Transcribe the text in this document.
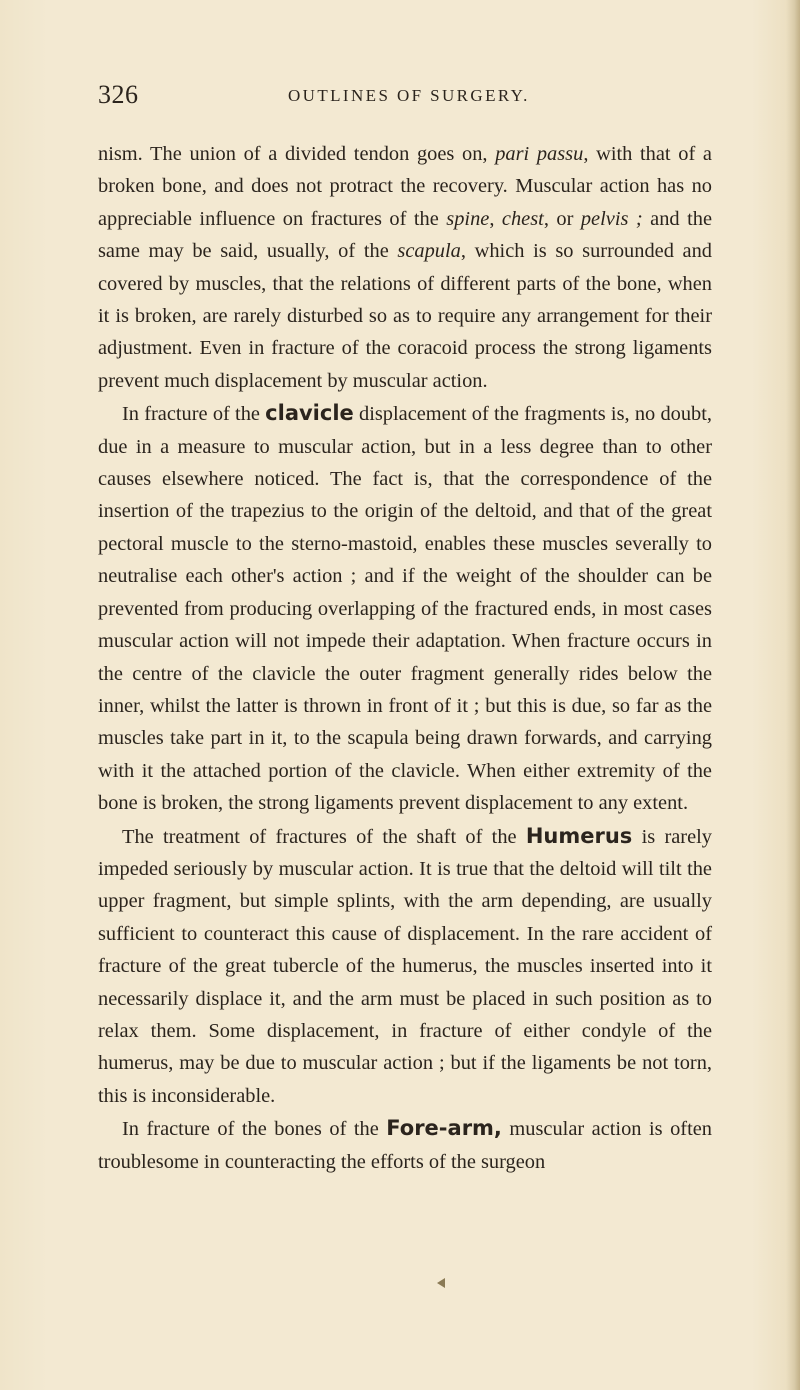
326	OUTLINES OF SURGERY.

nism. The union of a divided tendon goes on, pari passu, with that of a broken bone, and does not protract the recovery. Muscular action has no appreciable influence on fractures of the spine, chest, or pelvis ; and the same may be said, usually, of the scapula, which is so surrounded and covered by muscles, that the relations of different parts of the bone, when it is broken, are rarely disturbed so as to require any arrangement for their adjustment. Even in fracture of the coracoid process the strong ligaments prevent much displacement by muscular action.

In fracture of the clavicle displacement of the fragments is, no doubt, due in a measure to muscular action, but in a less degree than to other causes elsewhere noticed. The fact is, that the correspondence of the insertion of the trapezius to the origin of the deltoid, and that of the great pectoral muscle to the sterno-mastoid, enables these muscles severally to neutralise each other's action ; and if the weight of the shoulder can be prevented from producing overlapping of the fractured ends, in most cases muscular action will not impede their adaptation. When fracture occurs in the centre of the clavicle the outer fragment generally rides below the inner, whilst the latter is thrown in front of it ; but this is due, so far as the muscles take part in it, to the scapula being drawn forwards, and carrying with it the attached portion of the clavicle. When either extremity of the bone is broken, the strong ligaments prevent displacement to any extent.

The treatment of fractures of the shaft of the Humerus is rarely impeded seriously by muscular action. It is true that the deltoid will tilt the upper fragment, but simple splints, with the arm depending, are usually sufficient to counteract this cause of displacement. In the rare accident of fracture of the great tubercle of the humerus, the muscles inserted into it necessarily displace it, and the arm must be placed in such position as to relax them. Some displacement, in fracture of either condyle of the humerus, may be due to muscular action ; but if the ligaments be not torn, this is inconsiderable.

In fracture of the bones of the Fore-arm, muscular action is often troublesome in counteracting the efforts of the surgeon
